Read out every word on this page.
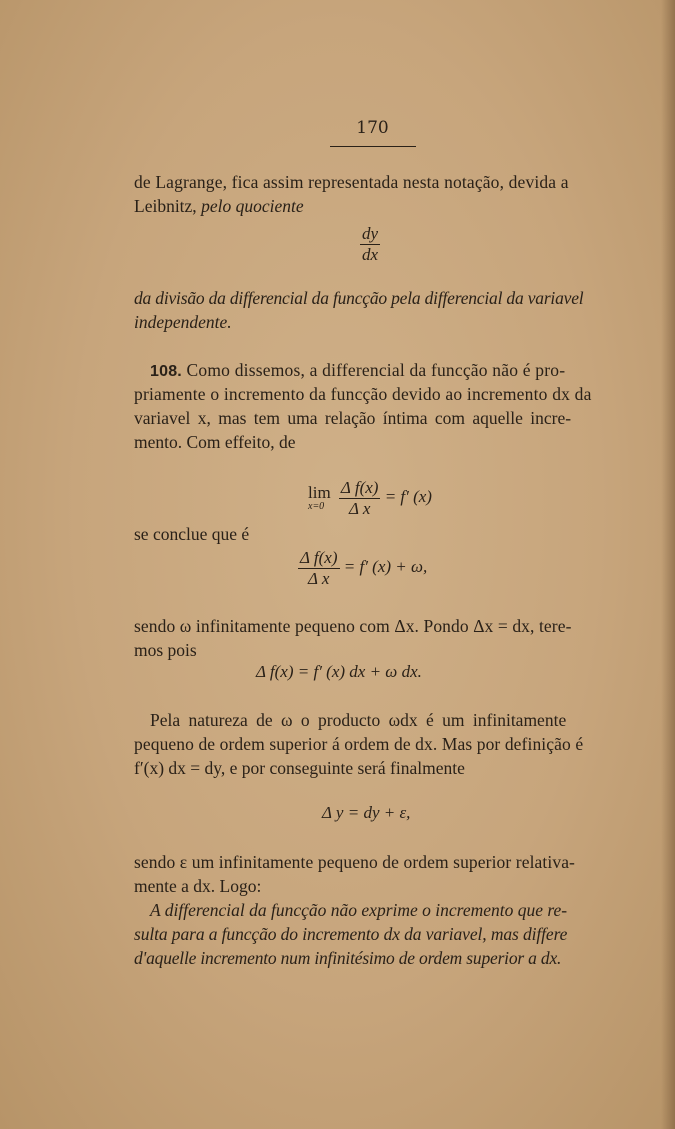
170
de Lagrange, fica assim representada nesta notação, devida a
Leibnitz, pelo quociente
$\frac{dy}{dx}$
da divisão da differencial da funcção pela differencial da variavel
independente.
108. Como dissemos, a differencial da funcção não é pro-
priamente o incremento da funcção devido ao incremento dx da
variavel x, mas tem uma relação íntima com aquelle incre-
mento. Com effeito, de
lim
x=0
$\frac{\text{Δ f(x)}}{\text{Δ x}} = f'$ (x)
se conclue que é
$\frac{\text{Δ f(x)}}{\text{Δ x}} = f'$ (x) + ω,
sendo ω infinitamente pequeno com Δx. Pondo Δx = dx, tere-
mos pois
Δ f(x) = f′ (x) dx + ω dx.
Pela natureza de ω o producto ωdx é um infinitamente
pequeno de ordem superior á ordem de dx. Mas por definição é
f′(x) dx = dy, e por conseguinte será finalmente
Δ y = dy + ε,
sendo ε um infinitamente pequeno de ordem superior relativa-
mente a dx. Logo:
A differencial da funcção não exprime o incremento que re-
sulta para a funcção do incremento dx da variavel, mas differe
d'aquelle incremento num infinitésimo de ordem superior a dx.
